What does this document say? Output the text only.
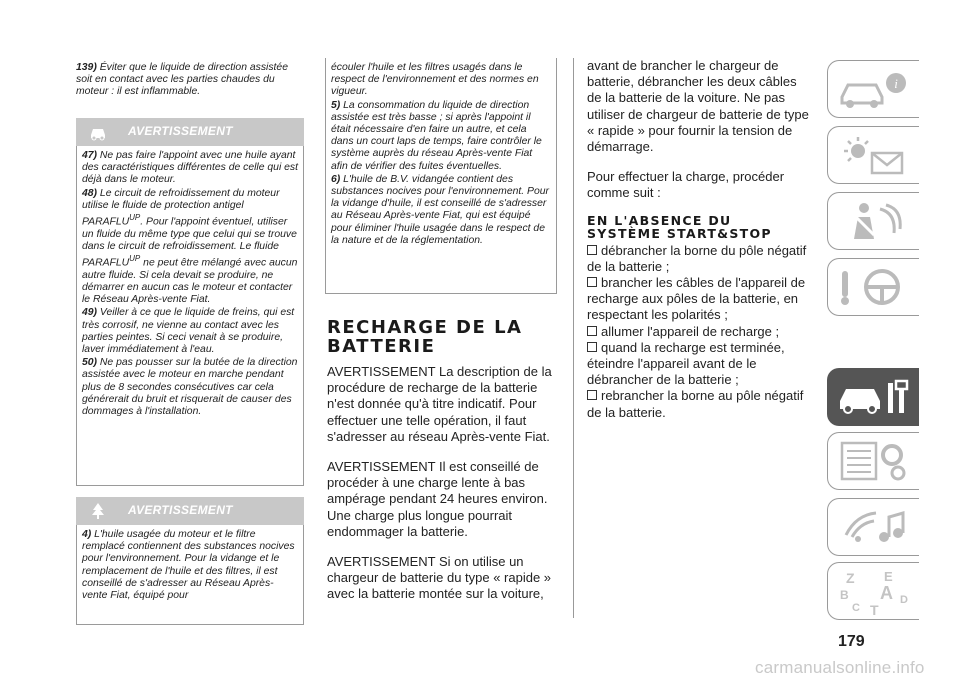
139) Éviter que le liquide de direction assistée soit en contact avec les parties chaudes du moteur : il est inflammable.
AVERTISSEMENT

47) Ne pas faire l'appoint avec une huile ayant des caractéristiques différentes de celle qui est déjà dans le moteur.

48) Le circuit de refroidissement du moteur utilise le fluide de protection antigel $PARAFLU^{UP}$. Pour l'appoint éventuel, utiliser un fluide du même type que celui qui se trouve dans le circuit de refroidissement. Le fluide $PARAFLU^{UP}$ ne peut être mélangé avec aucun autre fluide. Si cela devait se produire, ne démarrer en aucun cas le moteur et contacter le Réseau Après-vente Fiat.

49) Veiller à ce que le liquide de freins, qui est très corrosif, ne vienne au contact avec les parties peintes. Si ceci venait à se produire, laver immédiatement à l'eau.

50) Ne pas pousser sur la butée de la direction assistée avec le moteur en marche pendant plus de 8 secondes consécutives car cela générerait du bruit et risquerait de causer des dommages à l'installation.

AVERTISSEMENT

4) L'huile usagée du moteur et le filtre remplacé contiennent des substances nocives pour l'environnement. Pour la vidange et le remplacement de l'huile et des filtres, il est conseillé de s'adresser au Réseau Après-vente Fiat, équipé pour

écouler l'huile et les filtres usagés dans le respect de l'environnement et des normes en vigueur.

5) La consommation du liquide de direction assistée est très basse ; si après l'appoint il était nécessaire d'en faire un autre, et cela dans un court laps de temps, faire contrôler le système auprès du réseau Après-vente Fiat afin de vérifier des fuites éventuelles.

6) L'huile de B.V. vidangée contient des substances nocives pour l'environnement. Pour la vidange d'huile, il est conseillé de s'adresser au Réseau Après-vente Fiat, qui est équipé pour éliminer l'huile usagée dans le respect de la nature et de la réglementation.

RECHARGE DE LA
BATTERIE

AVERTISSEMENT La description de la procédure de recharge de la batterie n'est donnée qu'à titre indicatif. Pour effectuer une telle opération, il faut s'adresser au réseau Après-vente Fiat.

AVERTISSEMENT Il est conseillé de procéder à une charge lente à bas ampérage pendant 24 heures environ. Une charge plus longue pourrait endommager la batterie.

AVERTISSEMENT Si on utilise un chargeur de batterie du type « rapide » avec la batterie montée sur la voiture,

avant de brancher le chargeur de batterie, débrancher les deux câbles de la batterie de la voiture. Ne pas utiliser de chargeur de batterie de type « rapide » pour fournir la tension de démarrage.

Pour effectuer la charge, procéder comme suit :

EN L'ABSENCE DU
SYSTÈME START&STOP

débrancher la borne du pôle négatif de la batterie ;

brancher les câbles de l'appareil de recharge aux pôles de la batterie, en respectant les polarités ;

allumer l'appareil de recharge ;

quand la recharge est terminée, éteindre l'appareil avant de le débrancher de la batterie ;

rebrancher la borne au pôle négatif de la batterie.

i
Z E
B A D
C T
179
carmanualsonline.info
